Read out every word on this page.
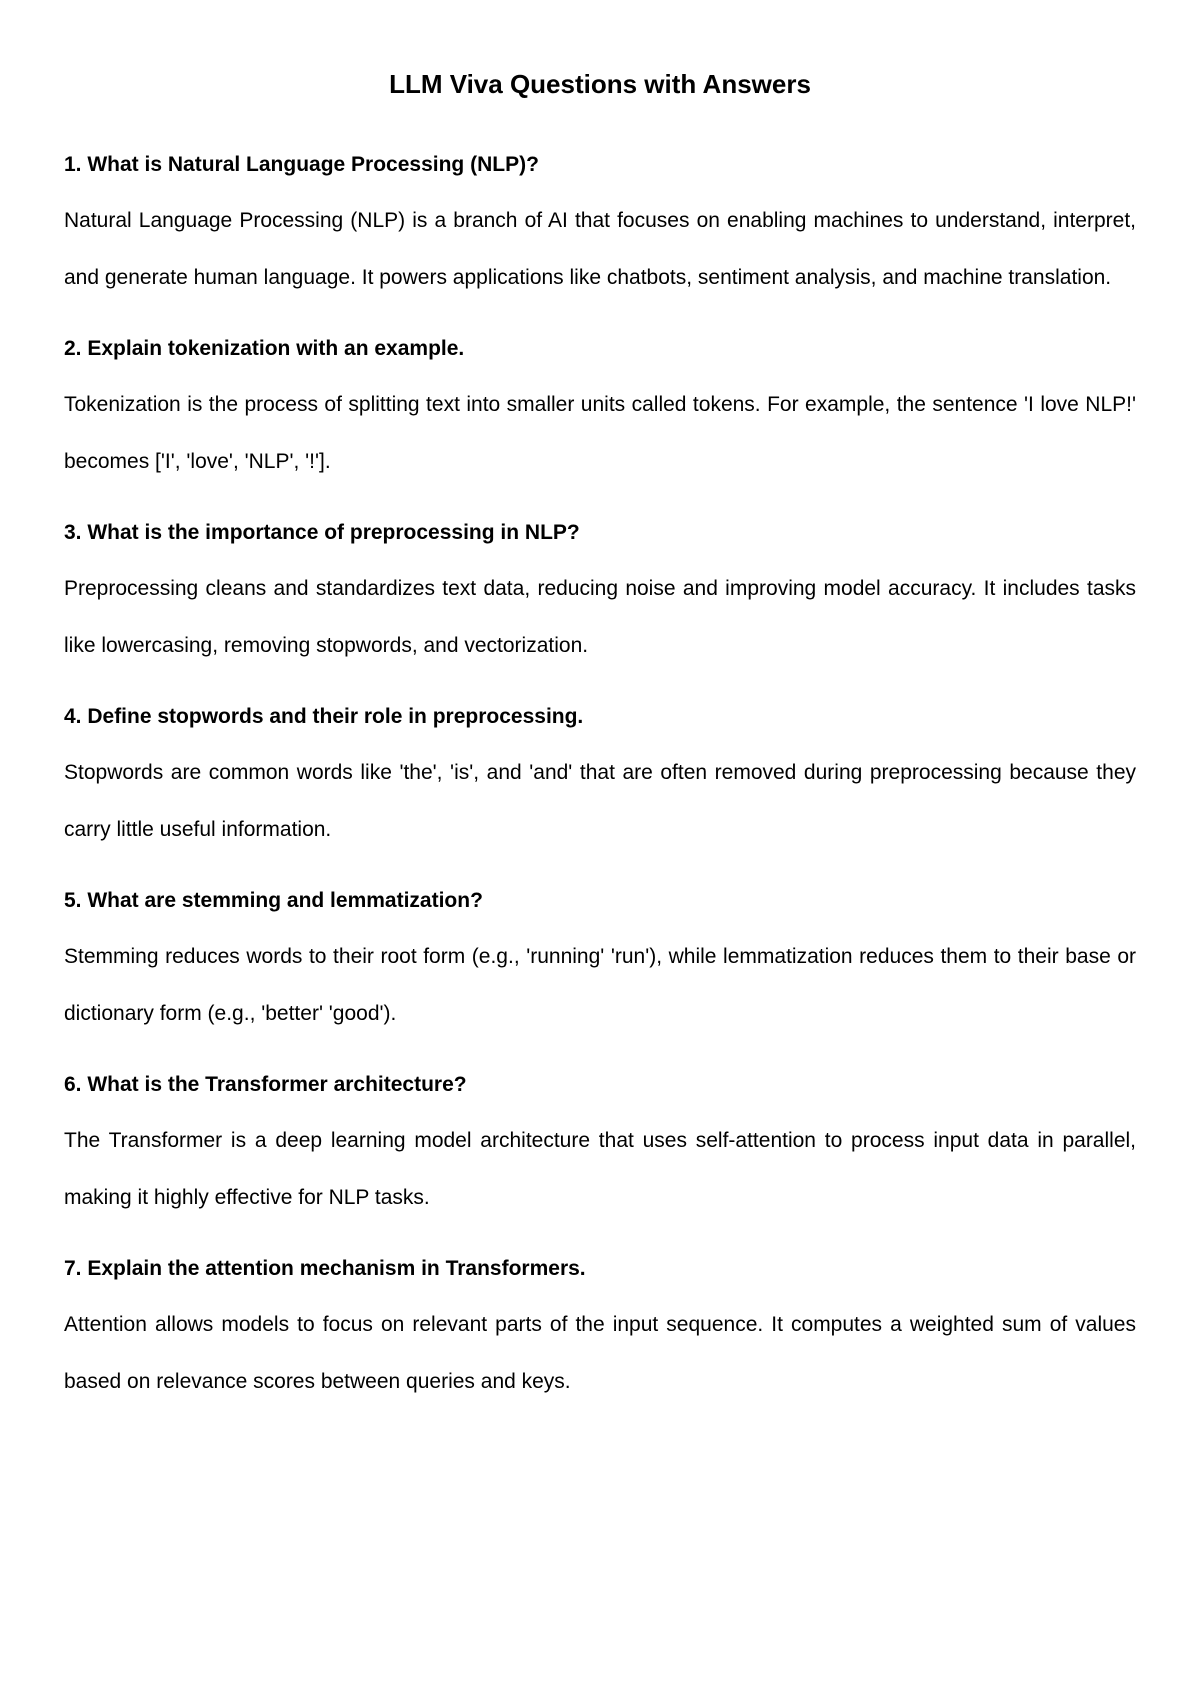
LLM Viva Questions with Answers

1. What is Natural Language Processing (NLP)?

Natural Language Processing (NLP) is a branch of AI that focuses on enabling machines to understand, interpret, and generate human language. It powers applications like chatbots, sentiment analysis, and machine translation.

2. Explain tokenization with an example.

Tokenization is the process of splitting text into smaller units called tokens. For example, the sentence 'I love NLP!' becomes ['I', 'love', 'NLP', '!'].

3. What is the importance of preprocessing in NLP?

Preprocessing cleans and standardizes text data, reducing noise and improving model accuracy. It includes tasks like lowercasing, removing stopwords, and vectorization.

4. Define stopwords and their role in preprocessing.

Stopwords are common words like 'the', 'is', and 'and' that are often removed during preprocessing because they carry little useful information.

5. What are stemming and lemmatization?

Stemming reduces words to their root form (e.g., 'running' 'run'), while lemmatization reduces them to their base or dictionary form (e.g., 'better' 'good').

6. What is the Transformer architecture?

The Transformer is a deep learning model architecture that uses self-attention to process input data in parallel, making it highly effective for NLP tasks.

7. Explain the attention mechanism in Transformers.

Attention allows models to focus on relevant parts of the input sequence. It computes a weighted sum of values based on relevance scores between queries and keys.
